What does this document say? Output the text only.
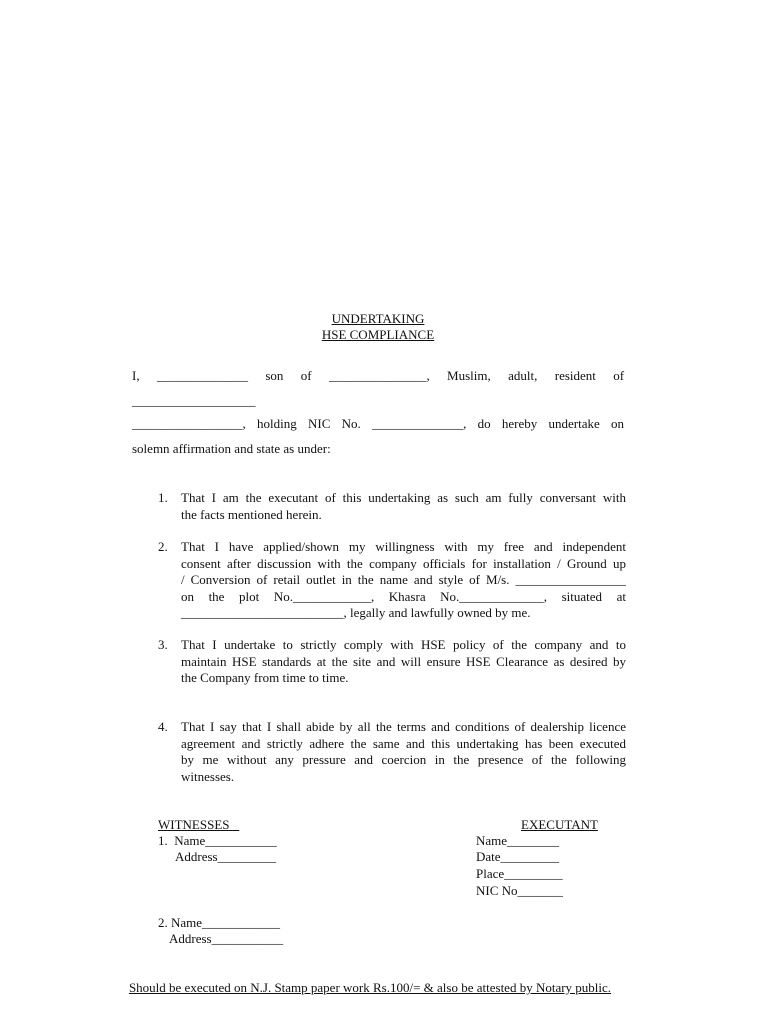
UNDERTAKING
HSE COMPLIANCE
I, ______________ son of _______________, Muslim, adult, resident of
___________________
_________________, holding NIC No. ______________, do hereby undertake on
solemn affirmation and state as under:
1. That I am the executant of this undertaking as such am fully conversant with
the facts mentioned herein.
2. That I have applied/shown my willingness with my free and independent
consent after discussion with the company officials for installation / Ground up
/ Conversion of retail outlet in the name and style of M/s. _________________
on the plot No.____________, Khasra No._____________, situated at
_________________________, legally and lawfully owned by me.
3. That I undertake to strictly comply with HSE policy of the company and to
maintain HSE standards at the site and will ensure HSE Clearance as desired by
the Company from time to time.
4. That I say that I shall abide by all the terms and conditions of dealership licence
agreement and strictly adhere the same and this undertaking has been executed
by me without any pressure and coercion in the presence of the following
witnesses.
WITNESSES
1.  Name___________
Address_________
2. Name____________
Address___________
EXECUTANT
Name________
Date_________
Place_________
NIC No_______
Should be executed on N.J. Stamp paper work Rs.100/= & also be attested by Notary public.
